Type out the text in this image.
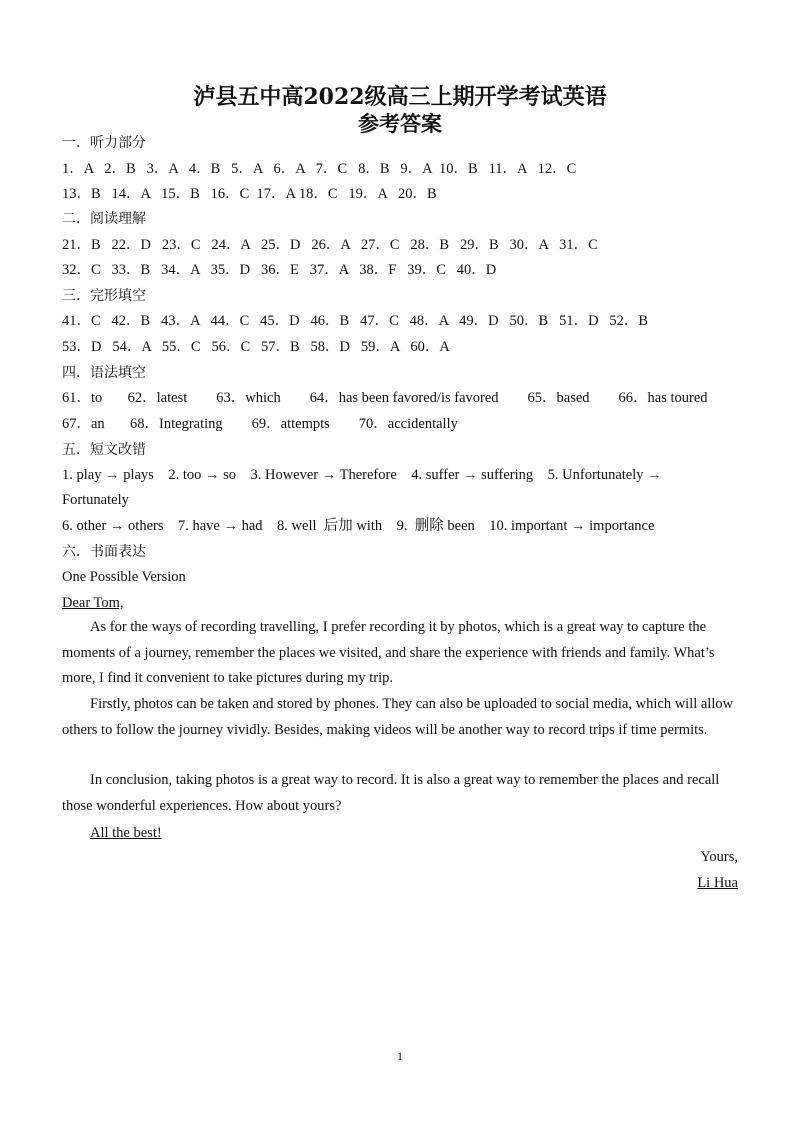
泸县五中高2022级高三上期开学考试英语
参考答案
一．听力部分
1．A   2．B   3．A   4．B   5．A   6．A   7．C   8．B   9．A  10．B   11．A   12．C
13．B   14．A   15．B   16．C  17．A 18．C   19．A   20．B
二．阅读理解
21．B   22．D   23．C   24．A   25．D   26．A   27．C   28．B   29．B   30．A   31．C
32．C   33．B   34．A   35．D   36．E   37．A   38．F   39．C   40．D
三．完形填空
41．C   42．B   43．A   44．C   45．D   46．B   47．C   48．A   49．D   50．B   51．D   52．B
53．D   54．A   55．C   56．C   57．B   58．D   59．A   60．A
四．语法填空
61．to       62．latest        63．which        64．has been favored/is favored        65．based        66．has toured
67．an       68．Integrating        69．attempts        70．accidentally
五．短文改错
1. play → plays    2. too → so    3. However → Therefore    4. suffer → suffering    5. Unfortunately →
Fortunately
6. other → others    7. have → had    8. well  后加 with    9.  删除 been    10. important → importance
六．书面表达
One Possible Version
Dear Tom,
As for the ways of recording travelling, I prefer recording it by photos, which is a great way to capture the moments of a journey, remember the places we visited, and share the experience with friends and family. What’s more, I find it convenient to take pictures during my trip.
Firstly, photos can be taken and stored by phones. They can also be uploaded to social media, which will allow others to follow the journey vividly. Besides, making videos will be another way to record trips if time permits.
In conclusion, taking photos is a great way to record. It is also a great way to remember the places and recall those wonderful experiences. How about yours?
All the best!
Yours,
Li Hua
1
